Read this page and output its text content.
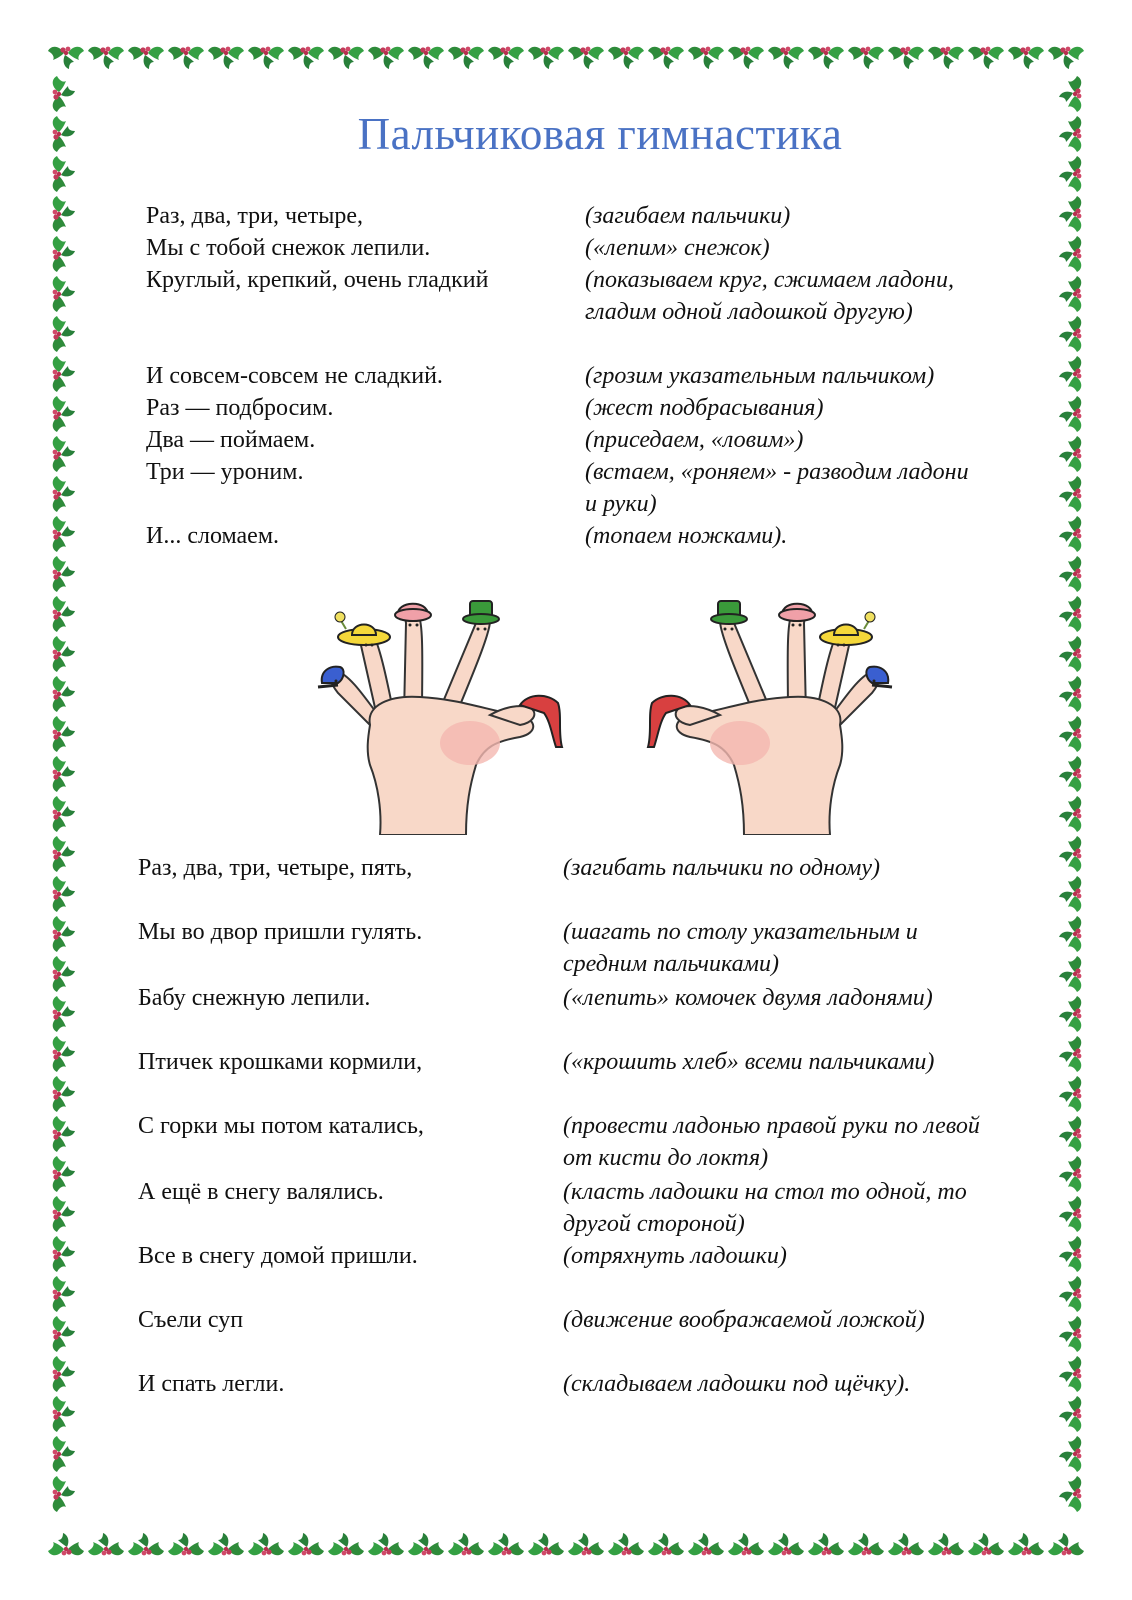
Пальчиковая гимнастика
Раз, два, три, четыре,	(загибаем пальчики)
Мы с тобой снежок лепили.	(«лепим» снежок)
Круглый, крепкий, очень гладкий	(показываем круг, сжимаем ладони,
гладим одной ладошкой другую)
И совсем-совсем не сладкий.	(грозим указательным пальчиком)
Раз — подбросим.	(жест подбрасывания)
Два — поймаем.	(приседаем, «ловим»)
Три — уроним.	(встаем, «роняем» - разводим ладони
и руки)
И... сломаем.	(топаем ножками).
Раз, два, три, четыре, пять,	(загибать пальчики по одному)
Мы во двор пришли гулять.	(шагать по столу указательным и
средним пальчиками)
Бабу снежную лепили.	(«лепить» комочек двумя ладонями)
Птичек крошками кормили,	(«крошить хлеб» всеми пальчиками)
С горки мы потом катались,	(провести ладонью правой руки по левой
от кисти до локтя)
А ещё в снегу валялись.	(класть ладошки на стол то одной, то
другой стороной)
Все в снегу домой пришли.	(отряхнуть ладошки)
Съели суп	(движение воображаемой ложкой)
И спать легли.	(складываем ладошки под щёчку).
